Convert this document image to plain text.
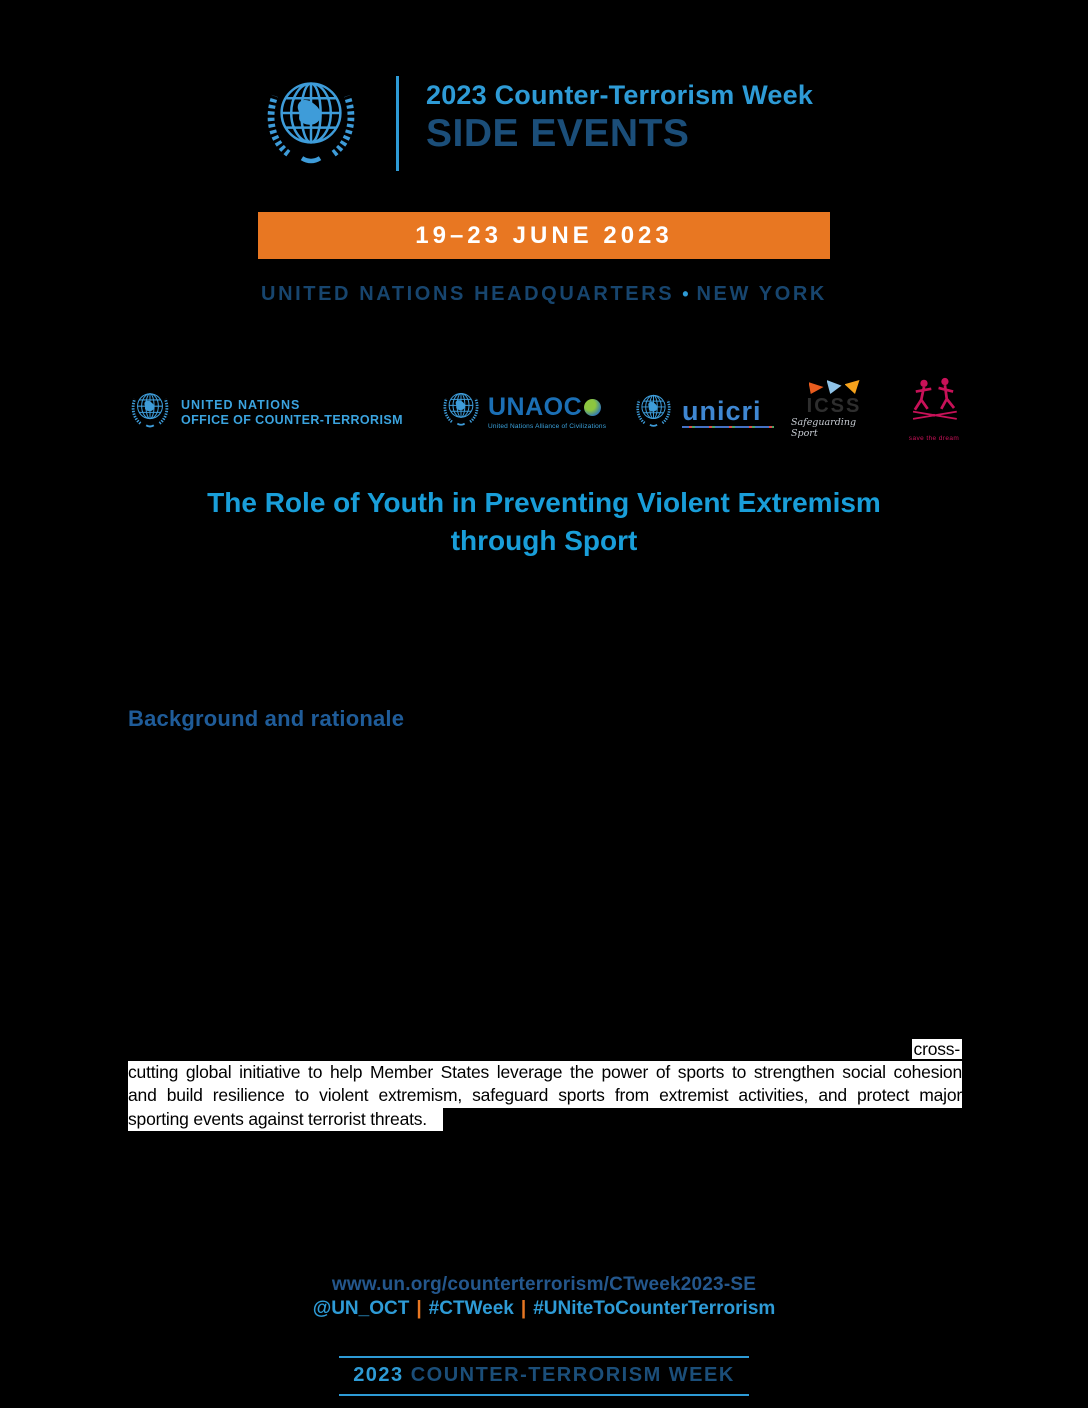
2023 Counter-Terrorism Week
SIDE EVENTS
19–23 JUNE 2023
UNITED NATIONS HEADQUARTERS • NEW YORK
UNITED NATIONS
OFFICE OF COUNTER-TERRORISM	UNAOC
United Nations Alliance of Civilizations
unicri	ICSS
Safeguarding Sport	save the dream
The Role of Youth in Preventing Violent Extremism
through Sport
Background and rationale
cross-
cutting global initiative to help Member States leverage the power of sports to strengthen social cohesion
and build resilience to violent extremism, safeguard sports from extremist activities, and protect major
sporting events against terrorist threats.
www.un.org/counterterrorism/CTweek2023-SE
@UN_OCT | #CTWeek | #UNiteToCounterTerrorism
2023 COUNTER-TERRORISM WEEK
